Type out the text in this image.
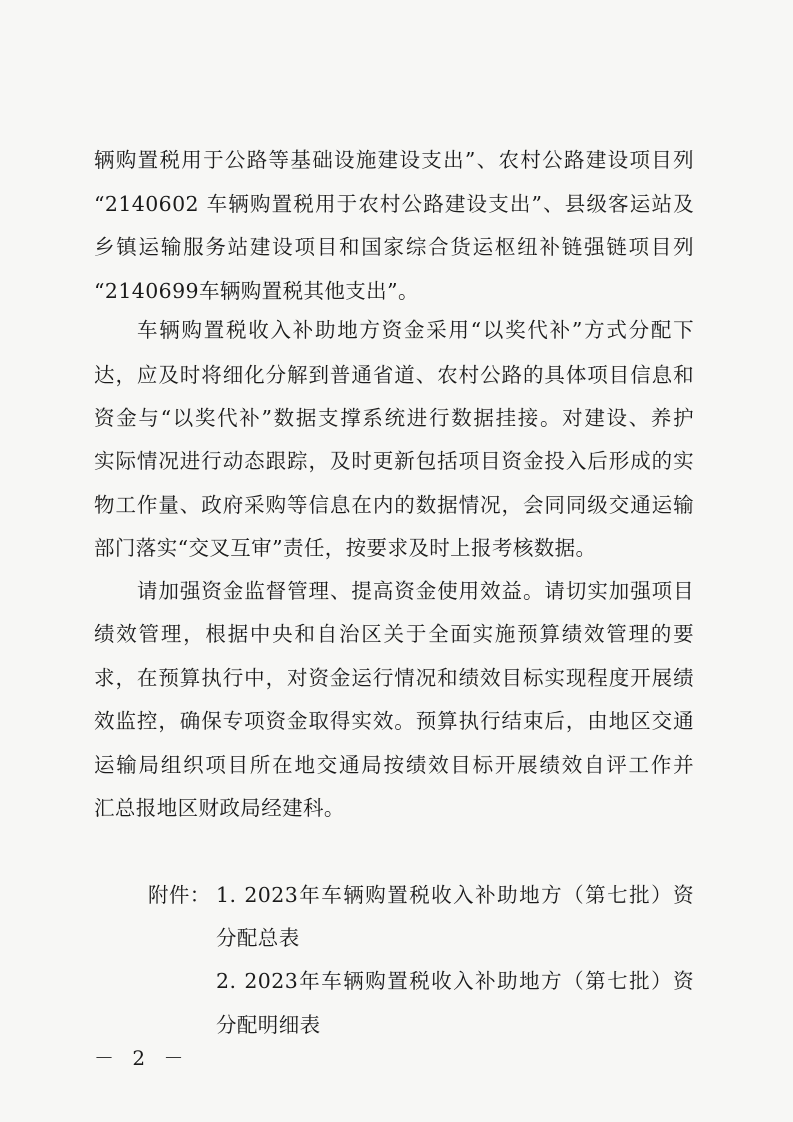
辆购置税用于公路等基础设施建设支出”、农村公路建设项目列
“2140602 车辆购置税用于农村公路建设支出”、县级客运站及
乡镇运输服务站建设项目和国家综合货运枢纽补链强链项目列
“2140699车辆购置税其他支出”。
车辆购置税收入补助地方资金采用“以奖代补”方式分配下
达，应及时将细化分解到普通省道、农村公路的具体项目信息和
资金与“以奖代补”数据支撑系统进行数据挂接。对建设、养护
实际情况进行动态跟踪，及时更新包括项目资金投入后形成的实
物工作量、政府采购等信息在内的数据情况，会同同级交通运输
部门落实“交叉互审”责任，按要求及时上报考核数据。
请加强资金监督管理、提高资金使用效益。请切实加强项目
绩效管理，根据中央和自治区关于全面实施预算绩效管理的要
求，在预算执行中，对资金运行情况和绩效目标实现程度开展绩
效监控，确保专项资金取得实效。预算执行结束后，由地区交通
运输局组织项目所在地交通局按绩效目标开展绩效自评工作并
汇总报地区财政局经建科。
附件： 1. 2023年车辆购置税收入补助地方（第七批）资
分配总表
2. 2023年车辆购置税收入补助地方（第七批）资
分配明细表
－ 2 －
